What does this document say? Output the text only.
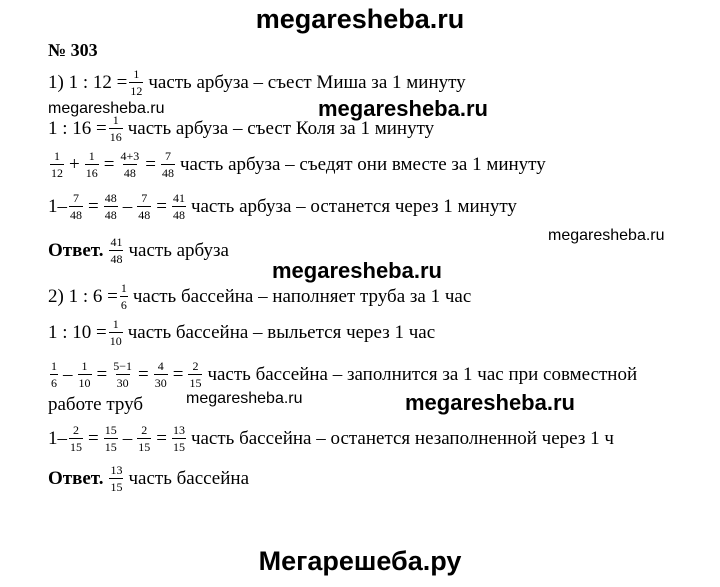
megaresheba.ru
№ 303
1) 1 : $12 = \frac{1}{12}$ часть арбуза – съест Миша за 1 минуту
megaresheba.ru
megaresheba.ru
1 : $16 = \frac{1}{16}$ часть арбуза – съест Коля за 1 минуту
$\frac{1}{12} + \frac{1}{16} = \frac{4+3}{48} = \frac{7}{48}$ часть арбуза – съедят они вместе за 1 минуту
$1- \frac{7}{48} = \frac{48}{48} - \frac{7}{48} = \frac{41}{48}$ часть арбуза – останется через 1 минуту
megaresheba.ru
Ответ. $\frac{41}{48}$ часть арбуза
megaresheba.ru
2) 1 : $6 = \frac{1}{6}$ часть бассейна – наполняет труба за 1 час
1 : $10 = \frac{1}{10}$ часть бассейна – выльется через 1 час
$\frac{1}{6} - \frac{1}{10} = \frac{5-1}{30} = \frac{4}{30} = \frac{2}{15}$ часть бассейна – заполнится за 1 час при совместной
работе труб	megaresheba.ru	megaresheba.ru
$1- \frac{2}{15} = \frac{15}{15} - \frac{2}{15} = \frac{13}{15}$ часть бассейна – останется незаполненной через 1 ч
Ответ. $\frac{13}{15}$ часть бассейна
Мегарешеба.ру
